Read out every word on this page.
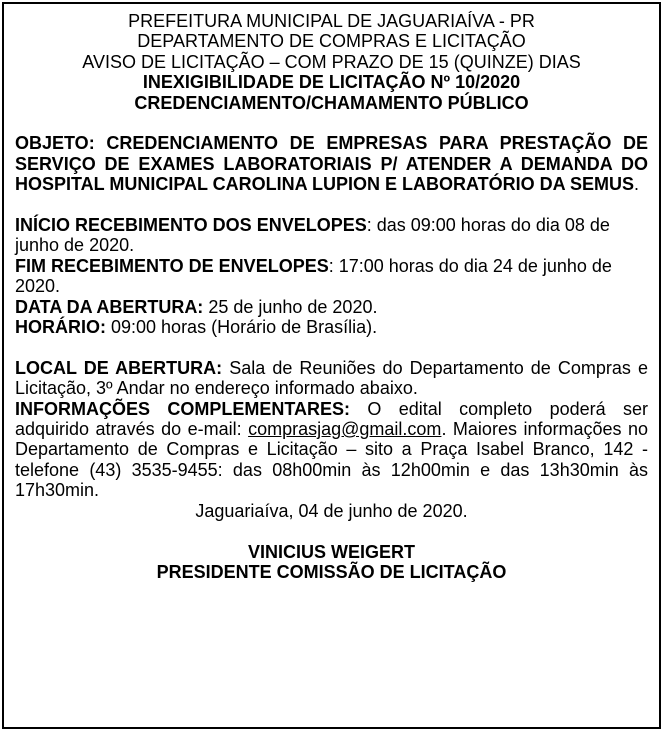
PREFEITURA MUNICIPAL DE JAGUARIAÍVA - PR
DEPARTAMENTO DE COMPRAS E LICITAÇÃO
AVISO DE LICITAÇÃO – COM PRAZO DE 15 (QUINZE) DIAS
INEXIGIBILIDADE DE LICITAÇÃO Nº 10/2020
CREDENCIAMENTO/CHAMAMENTO PÚBLICO
OBJETO: CREDENCIAMENTO DE EMPRESAS PARA PRESTAÇÃO DE SERVIÇO DE EXAMES LABORATORIAIS P/ ATENDER A DEMANDA DO HOSPITAL MUNICIPAL CAROLINA LUPION E LABORATÓRIO DA SEMUS.
INÍCIO RECEBIMENTO DOS ENVELOPES: das 09:00 horas do dia 08 de junho de 2020.
FIM RECEBIMENTO DE ENVELOPES: 17:00 horas do dia 24 de junho de 2020.
DATA DA ABERTURA: 25 de junho de 2020.
HORÁRIO: 09:00 horas (Horário de Brasília).
LOCAL DE ABERTURA: Sala de Reuniões do Departamento de Compras e Licitação, 3º Andar no endereço informado abaixo.
INFORMAÇÕES COMPLEMENTARES: O edital completo poderá ser adquirido através do e-mail: comprasjag@gmail.com. Maiores informações no Departamento de Compras e Licitação – sito a Praça Isabel Branco, 142 - telefone (43) 3535-9455: das 08h00min às 12h00min e das 13h30min às 17h30min.
Jaguariaíva, 04 de junho de 2020.
VINICIUS WEIGERT
PRESIDENTE COMISSÃO DE LICITAÇÃO
